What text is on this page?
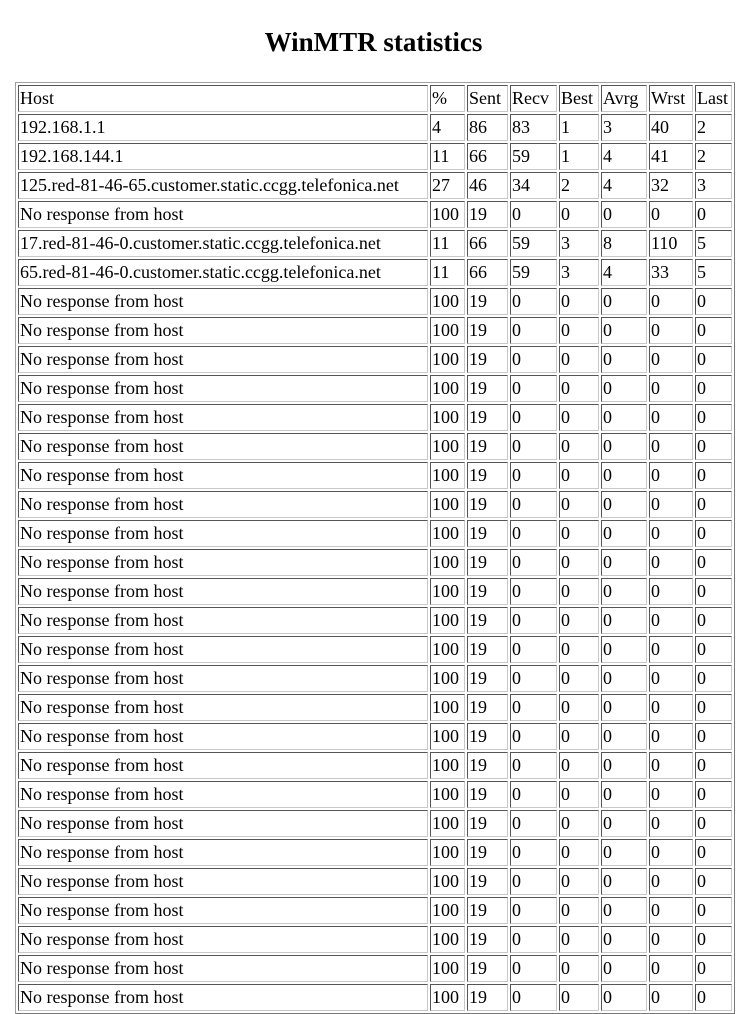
WinMTR statistics
Host	%	Sent	Recv	Best	Avrg	Wrst	Last
192.168.1.1	4	86	83	1	3	40	2
192.168.144.1	11	66	59	1	4	41	2
125.red-81-46-65.customer.static.ccgg.telefonica.net	27	46	34	2	4	32	3
No response from host	100	19	0	0	0	0	0
17.red-81-46-0.customer.static.ccgg.telefonica.net	11	66	59	3	8	110	5
65.red-81-46-0.customer.static.ccgg.telefonica.net	11	66	59	3	4	33	5
No response from host	100	19	0	0	0	0	0
No response from host	100	19	0	0	0	0	0
No response from host	100	19	0	0	0	0	0
No response from host	100	19	0	0	0	0	0
No response from host	100	19	0	0	0	0	0
No response from host	100	19	0	0	0	0	0
No response from host	100	19	0	0	0	0	0
No response from host	100	19	0	0	0	0	0
No response from host	100	19	0	0	0	0	0
No response from host	100	19	0	0	0	0	0
No response from host	100	19	0	0	0	0	0
No response from host	100	19	0	0	0	0	0
No response from host	100	19	0	0	0	0	0
No response from host	100	19	0	0	0	0	0
No response from host	100	19	0	0	0	0	0
No response from host	100	19	0	0	0	0	0
No response from host	100	19	0	0	0	0	0
No response from host	100	19	0	0	0	0	0
No response from host	100	19	0	0	0	0	0
No response from host	100	19	0	0	0	0	0
No response from host	100	19	0	0	0	0	0
No response from host	100	19	0	0	0	0	0
No response from host	100	19	0	0	0	0	0
No response from host	100	19	0	0	0	0	0
No response from host	100	19	0	0	0	0	0
